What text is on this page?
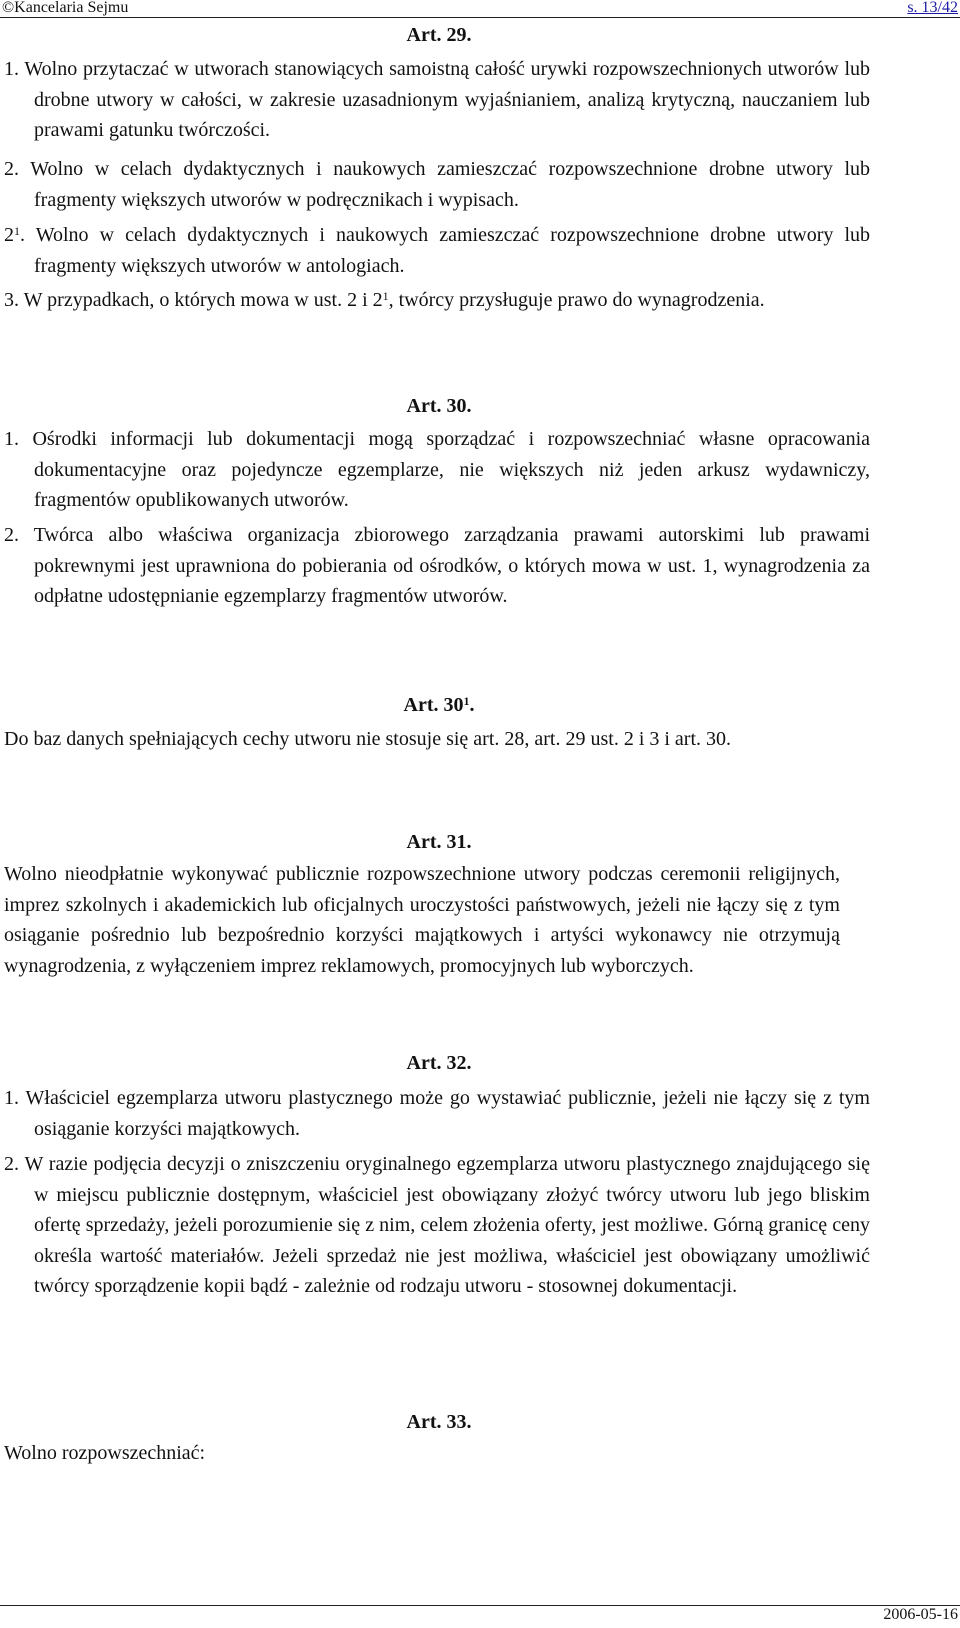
©Kancelaria Sejmu	s. 13/42
Art. 29.
1. Wolno przytaczać w utworach stanowiących samoistną całość urywki rozpowszechnionych utworów lub drobne utwory w całości, w zakresie uzasadnionym wyjaśnianiem, analizą krytyczną, nauczaniem lub prawami gatunku twórczości.
2. Wolno w celach dydaktycznych i naukowych zamieszczać rozpowszechnione drobne utwory lub fragmenty większych utworów w podręcznikach i wypisach.
$2^1$. Wolno w celach dydaktycznych i naukowych zamieszczać rozpowszechnione drobne utwory lub fragmenty większych utworów w antologiach.
3. W przypadkach, o których mowa w ust. 2 i $2^1$, twórcy przysługuje prawo do wynagrodzenia.
Art. 30.
1. Ośrodki informacji lub dokumentacji mogą sporządzać i rozpowszechniać własne opracowania dokumentacyjne oraz pojedyncze egzemplarze, nie większych niż jeden arkusz wydawniczy, fragmentów opublikowanych utworów.
2. Twórca albo właściwa organizacja zbiorowego zarządzania prawami autorskimi lub prawami pokrewnymi jest uprawniona do pobierania od ośrodków, o których mowa w ust. 1, wynagrodzenia za odpłatne udostępnianie egzemplarzy fragmentów utworów.
Art. $30^1$.
Do baz danych spełniających cechy utworu nie stosuje się art. 28, art. 29 ust. 2 i 3 i art. 30.
Art. 31.
Wolno nieodpłatnie wykonywać publicznie rozpowszechnione utwory podczas ceremonii religijnych, imprez szkolnych i akademickich lub oficjalnych uroczystości państwowych, jeżeli nie łączy się z tym osiąganie pośrednio lub bezpośrednio korzyści majątkowych i artyści wykonawcy nie otrzymują wynagrodzenia, z wyłączeniem imprez reklamowych, promocyjnych lub wyborczych.
Art. 32.
1. Właściciel egzemplarza utworu plastycznego może go wystawiać publicznie, jeżeli nie łączy się z tym osiąganie korzyści majątkowych.
2. W razie podjęcia decyzji o zniszczeniu oryginalnego egzemplarza utworu plastycznego znajdującego się w miejscu publicznie dostępnym, właściciel jest obowiązany złożyć twórcy utworu lub jego bliskim ofertę sprzedaży, jeżeli porozumienie się z nim, celem złożenia oferty, jest możliwe. Górną granicę ceny określa wartość materiałów. Jeżeli sprzedaż nie jest możliwa, właściciel jest obowiązany umożliwić twórcy sporządzenie kopii bądź - zależnie od rodzaju utworu - stosownej dokumentacji.
Art. 33.
Wolno rozpowszechniać:
2006-05-16
